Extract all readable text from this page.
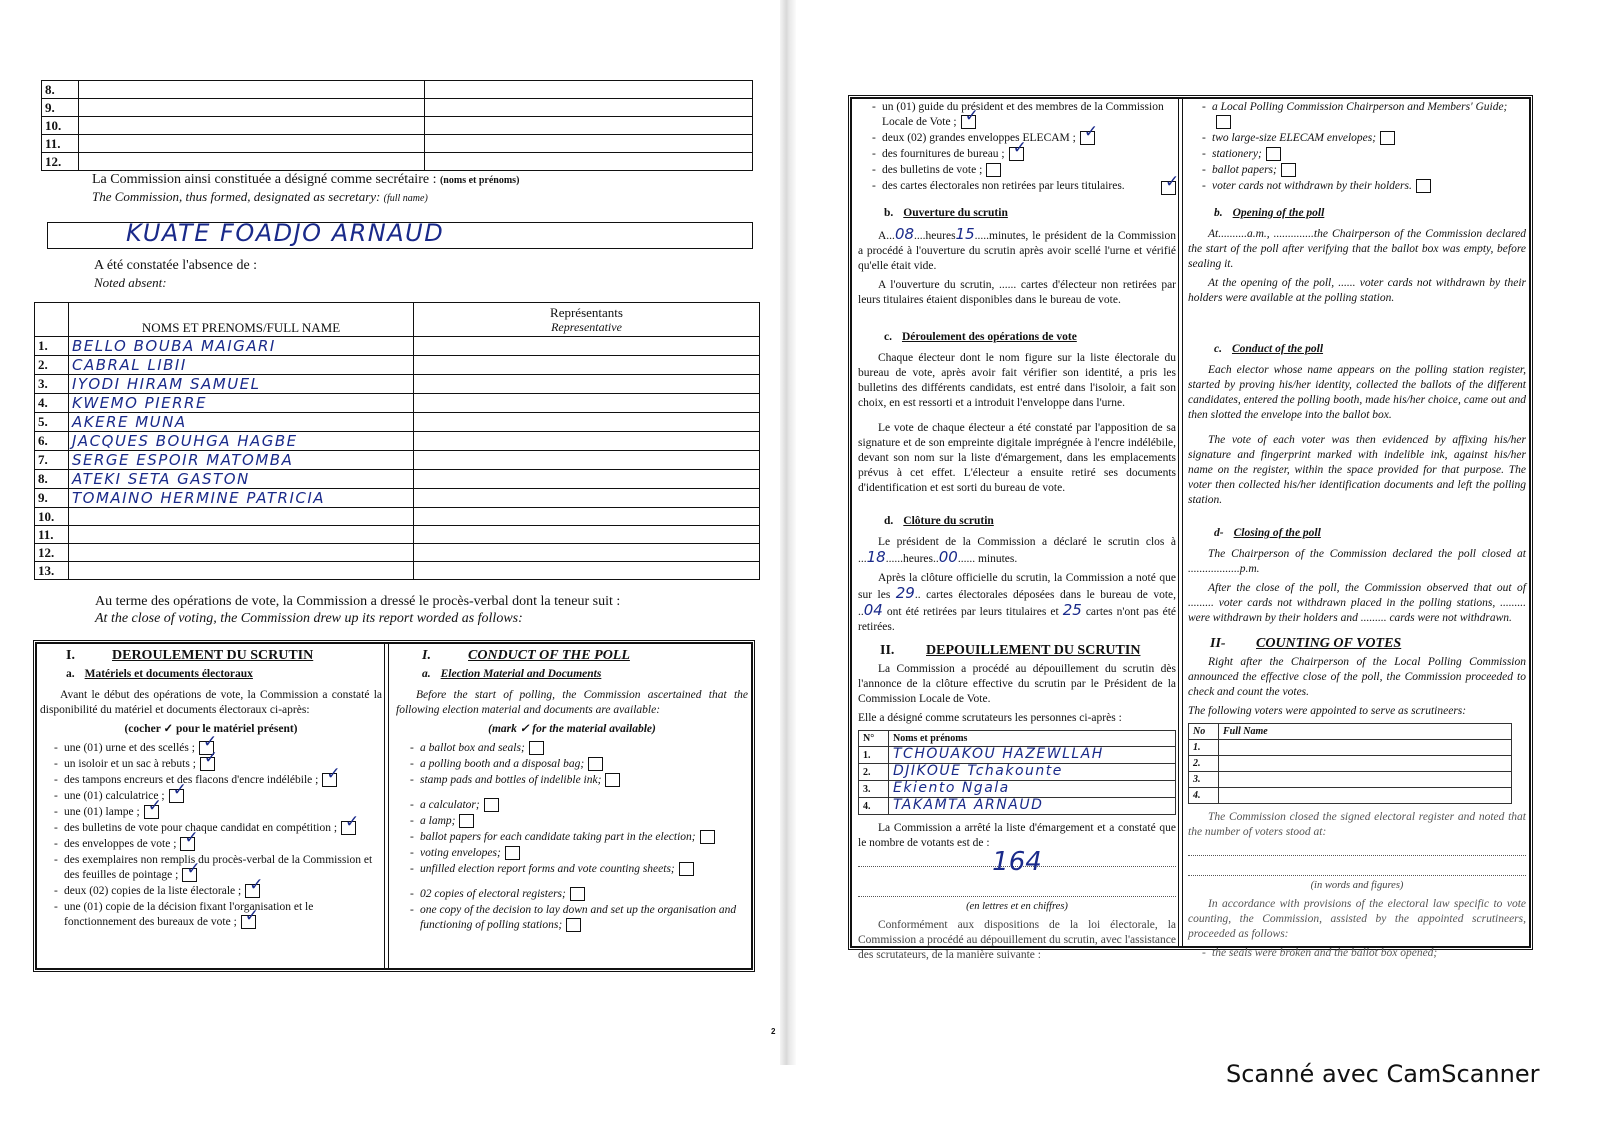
8.		
9.		
10.		
11.		
12.		
La Commission ainsi constituée a désigné comme secrétaire : (noms et prénoms)
The Commission, thus formed, designated as secretary: (full name)
KUATE FOADJO ARNAUD
A été constatée l'absence de :
Noted absent:
	NOMS ET PRENOMS/FULL NAME	Représentants
Representative

1.	BELLO BOUBA MAIGARI	
2.	CABRAL LIBII	
3.	IYODI HIRAM SAMUEL	
4.	KWEMO PIERRE	
5.	AKERE MUNA	
6.	JACQUES BOUHGA HAGBE	
7.	SERGE ESPOIR MATOMBA	
8.	ATEKI SETA GASTON	
9.	TOMAINO HERMINE PATRICIA	
10.		
11.		
12.		
13.		
Au terme des opérations de vote, la Commission a dressé le procès-verbal dont la teneur suit :
At the close of voting, the Commission drew up its report worded as follows:
I.	DEROULEMENT DU SCRUTIN
a. Matériels et documents électoraux

Avant le début des opérations de vote, la Commission a constaté la disponibilité du matériel et documents électoraux ci-après:

(cocher ✓ pour le matériel présent)

- une (01) urne et des scellés ;✓
- un isoloir et un sac à rebuts ;✓
- des tampons encreurs et des flacons d'encre indélébile ;✓
- une (01) calculatrice ;✓
- une (01) lampe ;✓
- des bulletins de vote pour chaque candidat en compétition ;✓
- des enveloppes de vote ;✓
- des exemplaires non remplis du procès-verbal de la Commission et des feuilles de pointage ;✓
- deux (02) copies de la liste électorale ;✓
- une (01) copie de la décision fixant l'organisation et le fonctionnement des bureaux de vote ;✓
I.	CONDUCT OF THE POLL
a. Election Material and Documents

Before the start of polling, the Commission ascertained that the following election material and documents are available:

(mark ✓ for the material available)

- a ballot box and seals;
- a polling booth and a disposal bag;
- stamp pads and bottles of indelible ink;
- a calculator;
- a lamp;
- ballot papers for each candidate taking part in the election;
- voting envelopes;
- unfilled election report forms and vote counting sheets;
- 02 copies of electoral registers;
- one copy of the decision to lay down and set up the organisation and functioning of polling stations;
2
- un (01) guide du président et des membres de la Commission Locale de Vote ;✓
- deux (02) grandes enveloppes ELECAM ;✓
- des fournitures de bureau ;✓
- des bulletins de vote ;
- des cartes électorales non retirées par leurs titulaires.
✓
b. Ouverture du scrutin

A...08....heures15.....minutes, le président de la Commission a procédé à l'ouverture du scrutin après avoir scellé l'urne et vérifié qu'elle était vide.

A l'ouverture du scrutin, ...... cartes d'électeur non retirées par leurs titulaires étaient disponibles dans le bureau de vote.

c. Déroulement des opérations de vote

Chaque électeur dont le nom figure sur la liste électorale du bureau de vote, après avoir fait vérifier son identité, a pris les bulletins des différents candidats, est entré dans l'isoloir, a fait son choix, en est ressorti et a introduit l'enveloppe dans l'urne.

Le vote de chaque électeur a été constaté par l'apposition de sa signature et de son empreinte digitale imprégnée à l'encre indélébile, devant son nom sur la liste d'émargement, dans les emplacements prévus à cet effet. L'électeur a ensuite retiré ses documents d'identification et est sorti du bureau de vote.

d. Clôture du scrutin

Le président de la Commission a déclaré le scrutin clos à ...18......heures..00...... minutes.

Après la clôture officielle du scrutin, la Commission a noté que sur les 29.. cartes électorales déposées dans le bureau de vote, ..04 ont été retirées par leurs titulaires et 25 cartes n'ont pas été retirées.

II. DEPOUILLEMENT DU SCRUTIN

La Commission a procédé au dépouillement du scrutin dès l'annonce de la clôture effective du scrutin par le Président de la Commission Locale de Vote.

Elle a désigné comme scrutateurs les personnes ci-après :

N°	Noms et prénoms
1.	TCHOUAKOU HAZEWLLAH
2.	DJIKOUE Tchakounte
3.	Ekiento Ngala
4.	TAKAMTA ARNAUD

La Commission a arrêté la liste d'émargement et a constaté que le nombre de votants est de :

164

(en lettres et en chiffres)

Conformément aux dispositions de la loi électorale, la Commission a procédé au dépouillement du scrutin, avec l'assistance des scrutateurs, de la manière suivante :

- a Local Polling Commission Chairperson and Members' Guide;
- two large-size ELECAM envelopes;
- stationery;
- ballot papers;
- voter cards not withdrawn by their holders.
b. Opening of the poll

At..........a.m., ..............the Chairperson of the Commission declared the start of the poll after verifying that the ballot box was empty, before sealing it.

At the opening of the poll, ...... voter cards not withdrawn by their holders were available at the polling station.

c. Conduct of the poll

Each elector whose name appears on the polling station register, started by proving his/her identity, collected the ballots of the different candidates, entered the polling booth, made his/her choice, came out and then slotted the envelope into the ballot box.

The vote of each voter was then evidenced by affixing his/her signature and fingerprint marked with indelible ink, against his/her name on the register, within the space provided for that purpose. The voter then collected his/her identification documents and left the polling station.

d- Closing of the poll

The Chairperson of the Commission declared the poll closed at ..................p.m.

After the close of the poll, the Commission observed that out of ......... voter cards not withdrawn placed in the polling stations, ......... were withdrawn by their holders and ......... cards were not withdrawn.

II- COUNTING OF VOTES

Right after the Chairperson of the Local Polling Commission announced the effective close of the poll, the Commission proceeded to check and count the votes.

The following voters were appointed to serve as scrutineers:

No	Full Name
1.	
2.	
3.	
4.	

The Commission closed the signed electoral register and noted that the number of voters stood at:

(in words and figures)

In accordance with provisions of the electoral law specific to vote counting, the Commission, assisted by the appointed scrutineers, proceeded as follows:

- the seals were broken and the ballot box opened;
Scanné avec CamScanner
